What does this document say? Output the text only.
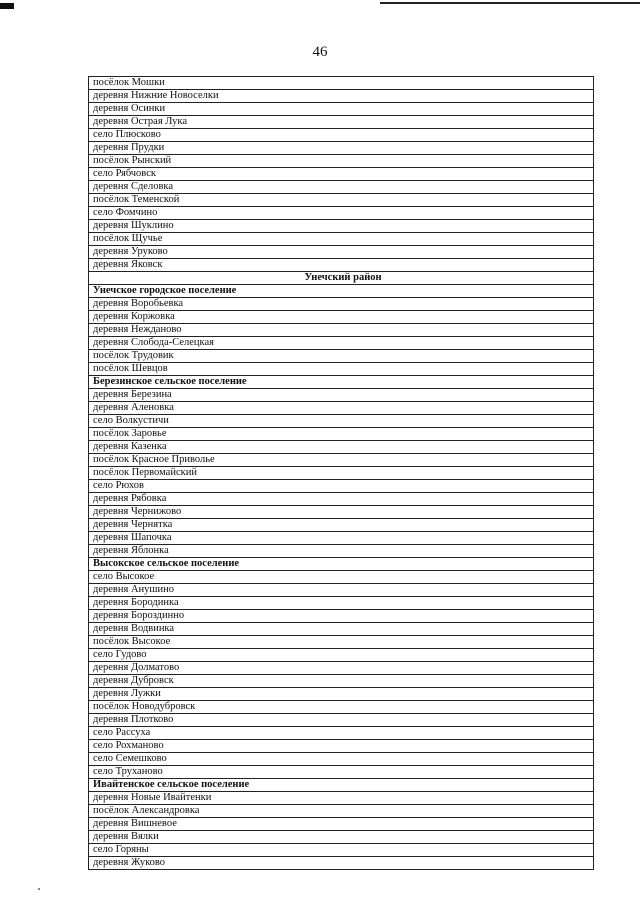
46
посёлок Мошки
деревня Нижние Новоселки
деревня Осинки
деревня Острая Лука
село Плюсково
деревня Прудки
посёлок Рынский
село Рябчовск
деревня Сделовка
посёлок Теменской
село Фомчино
деревня Шуклино
посёлок Щучье
деревня Уруково
деревня Яковск
Унечский район
Унечское городское поселение
деревня Воробьевка
деревня Коржовка
деревня Нежданово
деревня Слобода-Селецкая
посёлок Трудовик
посёлок Шевцов
Березинское сельское поселение
деревня Березина
деревня Аленовка
село Волкустичи
посёлок Заровье
деревня Казенка
посёлок Красное Приволье
посёлок Первомайский
село Рюхов
деревня Рябовка
деревня Чернижово
деревня Чернятка
деревня Шапочка
деревня Яблонка
Высокское сельское поселение
село Высокое
деревня Анушино
деревня Бородинка
деревня Бороздинно
деревня Водвинка
посёлок Высокое
село Гудово
деревня Долматово
деревня Дубровск
деревня Лужки
посёлок Новодубровск
деревня Плотково
село Рассуха
село Рохманово
село Семешково
село Труханово
Ивайтенское сельское поселение
деревня Новые Ивайтенки
посёлок Александровка
деревня Вишневое
деревня Вялки
село Горяны
деревня Жуково
